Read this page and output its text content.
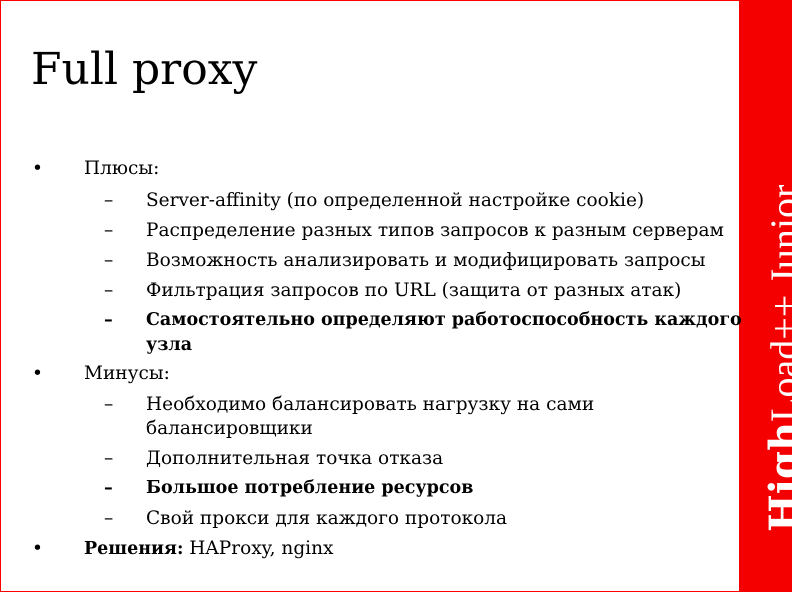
HighLoad++ Junior
Full proxy
• Плюсы:
– Server-affinity (по определенной настройке cookie)
– Распределение разных типов запросов к разным серверам
– Возможность анализировать и модифицировать запросы
– Фильтрация запросов по URL (защита от разных атак)
– Самостоятельно определяют работоспособность каждого
узла
• Минусы:
– Необходимо балансировать нагрузку на сами
балансировщики
– Дополнительная точка отказа
– Большое потребление ресурсов
– Свой прокси для каждого протокола
• Решения: HAProxy, nginx
